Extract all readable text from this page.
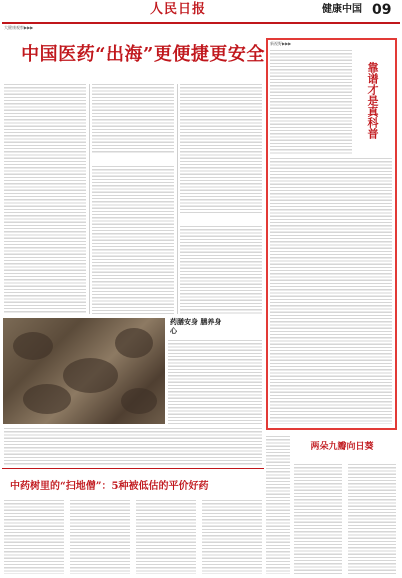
人民日报	健康中国 09
大健康观察▶▶▶
中国医药“出海”更便捷更安全
药膳安身 膳养身心
中药树里的“扫地僧”：5种被低估的平价好药
新视野▶▶▶
靠谱才是真科普
两朵九瓣向日葵
